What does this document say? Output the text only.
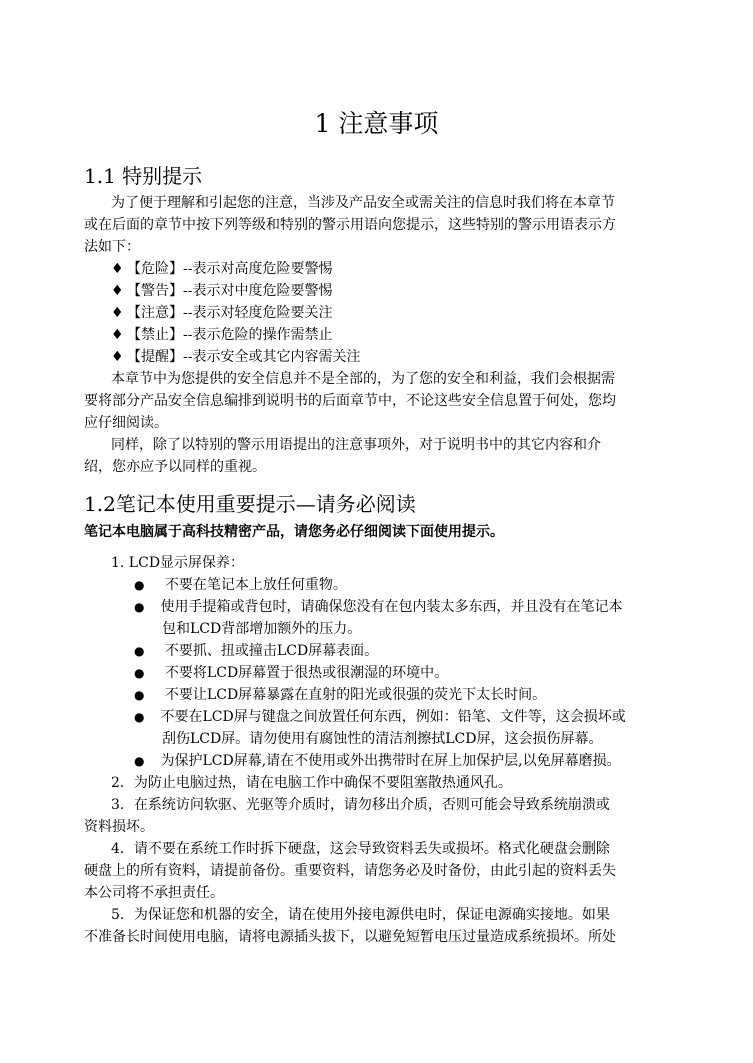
1 注意事项
1.1 特别提示
为了便于理解和引起您的注意，当涉及产品安全或需关注的信息时我们将在本章节
或在后面的章节中按下列等级和特别的警示用语向您提示，这些特别的警示用语表示方
法如下：
♦ 【危险】--表示对高度危险要警惕
♦ 【警告】--表示对中度危险要警惕
♦ 【注意】--表示对轻度危险要关注
♦ 【禁止】--表示危险的操作需禁止
♦ 【提醒】--表示安全或其它内容需关注
本章节中为您提供的安全信息并不是全部的，为了您的安全和利益，我们会根据需
要将部分产品安全信息编排到说明书的后面章节中，不论这些安全信息置于何处，您均
应仔细阅读。
同样，除了以特别的警示用语提出的注意事项外，对于说明书中的其它内容和介
绍，您亦应予以同样的重视。
1.2笔记本使用重要提示—请务必阅读
笔记本电脑属于高科技精密产品，请您务必仔细阅读下面使用提示。
1. LCD显示屏保养：
● 不要在笔记本上放任何重物。
● 使用手提箱或背包时，请确保您没有在包内装太多东西，并且没有在笔记本
包和LCD背部增加额外的压力。
● 不要抓、扭或撞击LCD屏幕表面。
● 不要将LCD屏幕置于很热或很潮湿的环境中。
● 不要让LCD屏幕暴露在直射的阳光或很强的荧光下太长时间。
● 不要在LCD屏与键盘之间放置任何东西，例如：铅笔、文件等，这会损坏或
刮伤LCD屏。请勿使用有腐蚀性的清洁剂擦拭LCD屏，这会损伤屏幕。
● 为保护LCD屏幕,请在不使用或外出携带时在屏上加保护层,以免屏幕磨损。
2．为防止电脑过热，请在电脑工作中确保不要阻塞散热通风孔。
3．在系统访问软驱、光驱等介质时，请勿移出介质，否则可能会导致系统崩溃或
资料损坏。
4．请不要在系统工作时拆下硬盘，这会导致资料丢失或损坏。格式化硬盘会删除
硬盘上的所有资料，请提前备份。重要资料，请您务必及时备份，由此引起的资料丢失
本公司将不承担责任。
5．为保证您和机器的安全，请在使用外接电源供电时，保证电源确实接地。如果
不准备长时间使用电脑，请将电源插头拔下，以避免短暂电压过量造成系统损坏。所处
